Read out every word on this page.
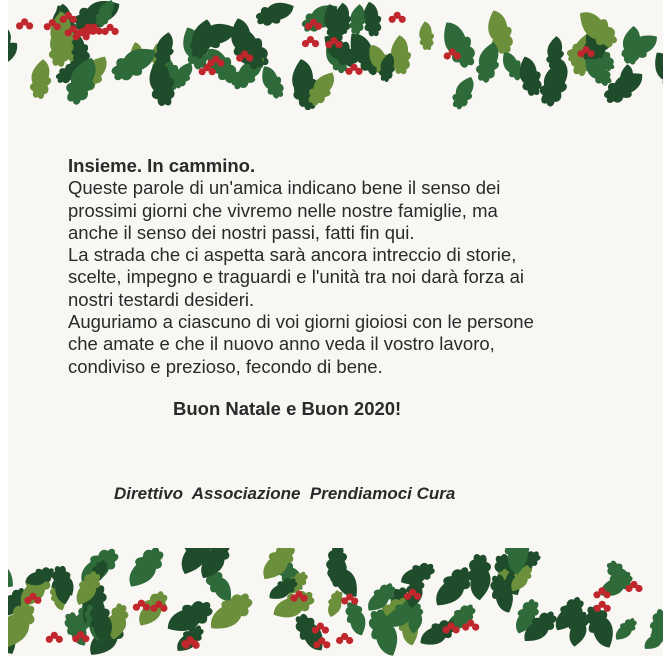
Insieme. In cammino.

Queste parole di un'amica indicano bene il senso dei

prossimi giorni che vivremo nelle nostre famiglie, ma

anche il senso dei nostri passi, fatti fin qui.

La strada che ci aspetta sarà ancora intreccio di storie,

scelte, impegno e traguardi e l'unità tra noi darà forza ai

nostri testardi desideri.

Auguriamo a ciascuno di voi giorni gioiosi con le persone

che amate e che il nuovo anno veda il vostro lavoro,

condiviso e prezioso, fecondo di bene.

Buon Natale e Buon 2020!
Direttivo  Associazione  Prendiamoci Cura
